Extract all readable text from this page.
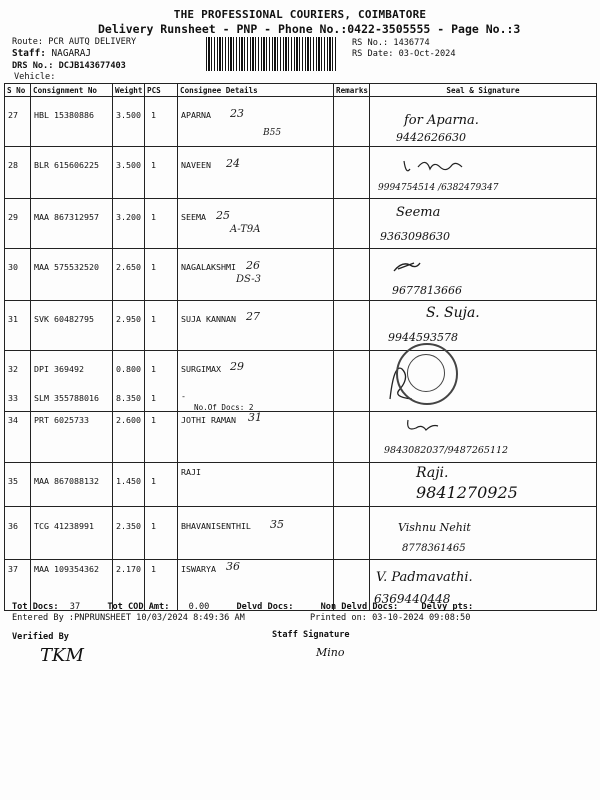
THE PROFESSIONAL COURIERS, COIMBATORE
Delivery Runsheet - PNP - Phone No.:0422-3505555 - Page No.:3
Route: PCR AUTQ DELIVERY
Staff: NAGARAJ
DRS No.: DCJB143677403
Vehicle:
RS No.: 1436774
RS Date: 03-Oct-2024
S No	Consignment No	Weight	PCS	Consignee Details	Remarks	Seal & Signature

27	HBL 15380886	3.500	1	APARNA 23
B55		for Aparna.
9442626630

28	BLR 615606225	3.500	1	NAVEEN 24		9994754514 /6382479347

29	MAA 867312957	3.200	1	SEEMA 25
A-T9A		Seema
9363098630

30	MAA 575532520	2.650	1	NAGALAKSHMI 26
DS-3		9677813666

31	SVK 60482795	2.950	1	SUJA KANNAN 27		S. Suja.
9944593578

32	DPI 369492	0.800	1	SURGIMAX 29

33	SLM 355788016	8.350	1	-
No.Of Docs: 2		

34	PRT 6025733	2.600	1	JOTHI RAMAN 31		9843082037/9487265112

35	MAA 867088132	1.450	1	RAJI		Raji.
9841270925

36	TCG 41238991	2.350	1	BHAVANISENTHIL 35		Vishnu Nehit
8778361465

37	MAA 109354362	2.170	1	ISWARYA 36		V. Padmavathi.
6369440448
Tot Docs: 37	Tot COD Amt: 0.00	Delvd Docs:	Non Delvd Docs:	Delvy pts:
Entered By :PNPRUNSHEET 10/03/2024 8:49:36 AM	Printed on: 03-10-2024 09:08:50
Verified By	Staff Signature
TKM	Mino
